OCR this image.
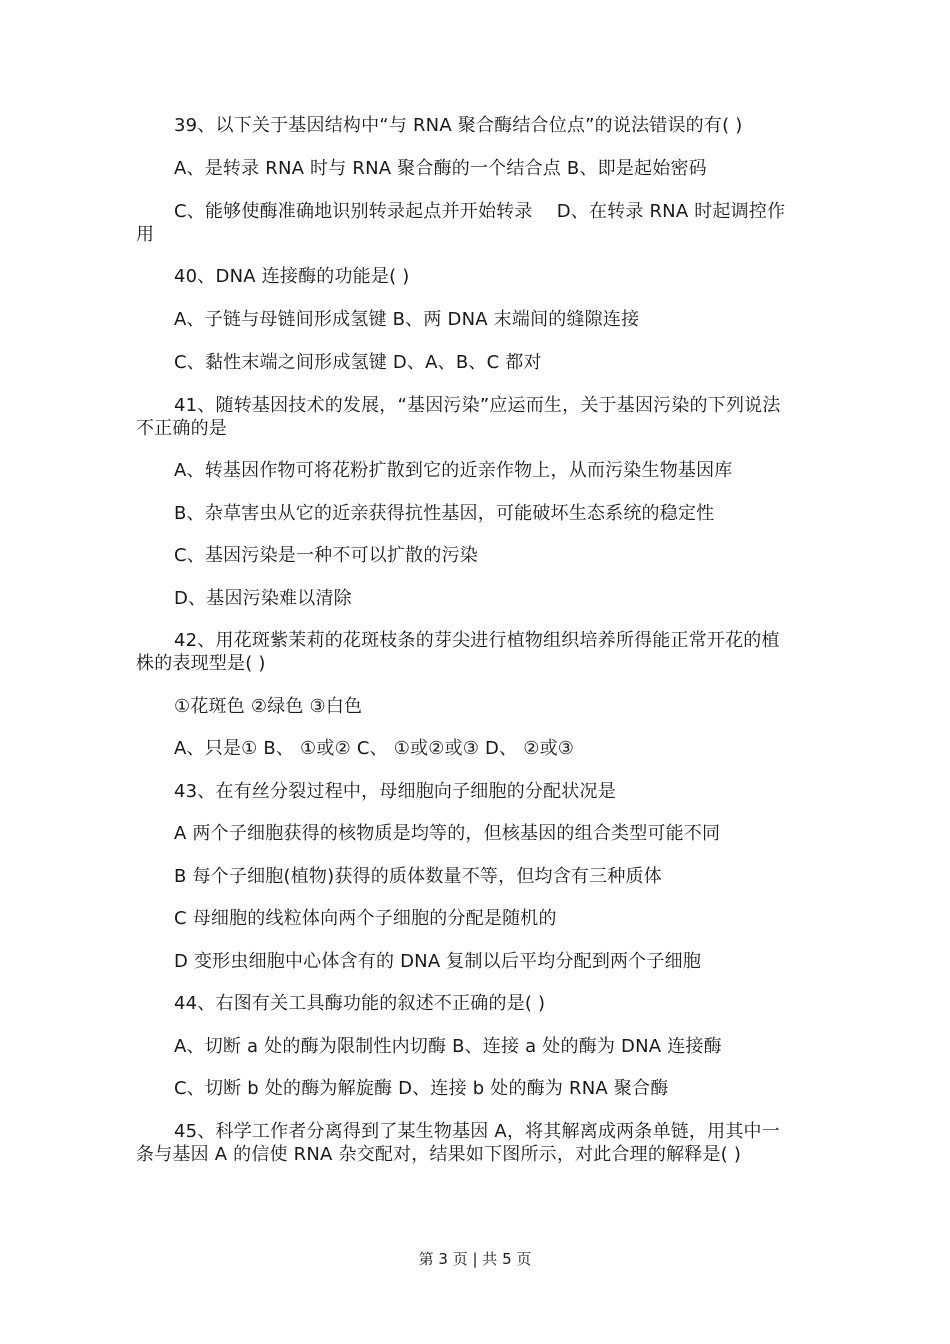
39、以下关于基因结构中“与 RNA 聚合酶结合位点”的说法错误的有( )
A、是转录 RNA 时与 RNA 聚合酶的一个结合点 B、即是起始密码
C、能够使酶准确地识别转录起点并开始转录　 D、在转录 RNA 时起调控作
用
40、DNA 连接酶的功能是( )
A、子链与母链间形成氢键 B、两 DNA 末端间的缝隙连接
C、黏性末端之间形成氢键 D、A、B、C 都对
41、随转基因技术的发展，“基因污染”应运而生，关于基因污染的下列说法
不正确的是
A、转基因作物可将花粉扩散到它的近亲作物上，从而污染生物基因库
B、杂草害虫从它的近亲获得抗性基因，可能破坏生态系统的稳定性
C、基因污染是一种不可以扩散的污染
D、基因污染难以清除
42、用花斑紫茉莉的花斑枝条的芽尖进行植物组织培养所得能正常开花的植
株的表现型是( )
①花斑色 ②绿色 ③白色
A、只是① B、 ①或② C、 ①或②或③ D、 ②或③
43、在有丝分裂过程中，母细胞向子细胞的分配状况是
A 两个子细胞获得的核物质是均等的，但核基因的组合类型可能不同
B 每个子细胞(植物)获得的质体数量不等，但均含有三种质体
C 母细胞的线粒体向两个子细胞的分配是随机的
D 变形虫细胞中心体含有的 DNA 复制以后平均分配到两个子细胞
44、右图有关工具酶功能的叙述不正确的是( )
A、切断 a 处的酶为限制性内切酶 B、连接 a 处的酶为 DNA 连接酶
C、切断 b 处的酶为解旋酶 D、连接 b 处的酶为 RNA 聚合酶
45、科学工作者分离得到了某生物基因 A，将其解离成两条单链，用其中一
条与基因 A 的信使 RNA 杂交配对，结果如下图所示，对此合理的解释是( )
第 3 页 | 共 5 页
